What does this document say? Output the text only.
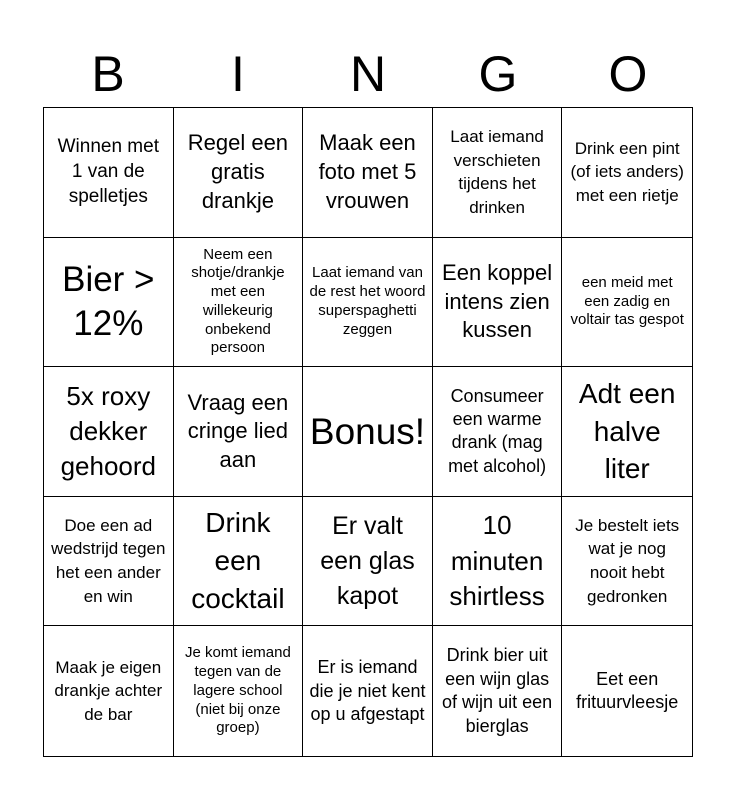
B	I	N	G	O
Winnen met 1 van de spelletjes
Regel een gratis drankje
Maak een foto met 5 vrouwen
Laat iemand verschieten tijdens het drinken
Drink een pint (of iets anders) met een rietje
Bier > 12%
Neem een shotje/drankje met een willekeurig onbekend persoon
Laat iemand van de rest het woord superspaghetti zeggen
Een koppel intens zien kussen
een meid met een zadig en voltair tas gespot
5x roxy dekker gehoord
Vraag een cringe lied aan
Bonus!
Consumeer een warme drank (mag met alcohol)
Adt een halve liter
Doe een ad wedstrijd tegen het een ander en win
Drink een cocktail
Er valt een glas kapot
10 minuten shirtless
Je bestelt iets wat je nog nooit hebt gedronken
Maak je eigen drankje achter de bar
Je komt iemand tegen van de lagere school (niet bij onze groep)
Er is iemand die je niet kent op u afgestapt
Drink bier uit een wijn glas of wijn uit een bierglas
Eet een frituurvleesje
